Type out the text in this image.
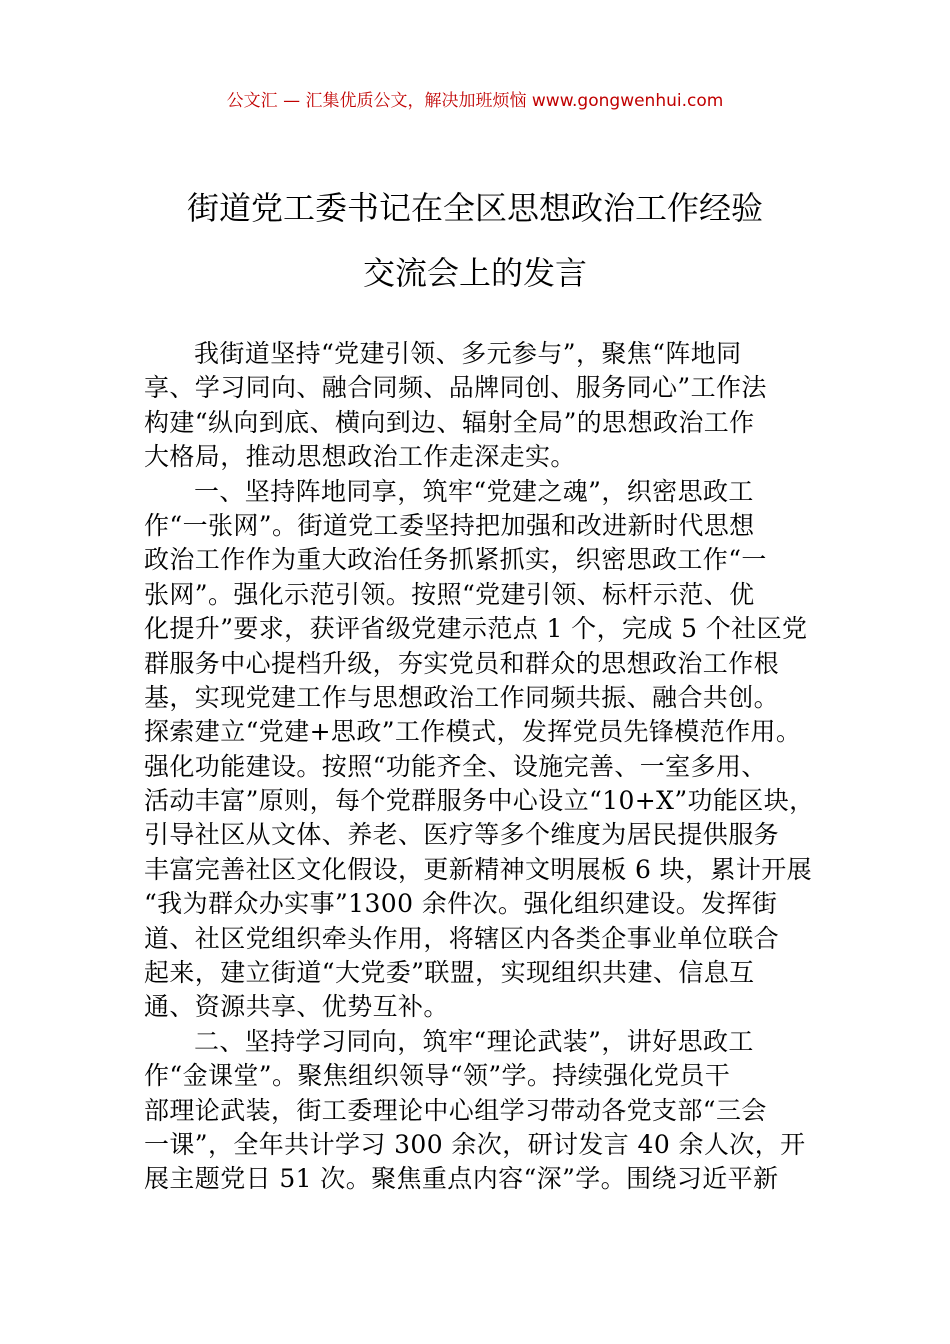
公文汇 — 汇集优质公文，解决加班烦恼 www.gongwenhui.com
街道党工委书记在全区思想政治工作经验
交流会上的发言
我街道坚持“党建引领、多元参与”，聚焦“阵地同
享、学习同向、融合同频、品牌同创、服务同心”工作法
构建“纵向到底、横向到边、辐射全局”的思想政治工作
大格局，推动思想政治工作走深走实。
一、坚持阵地同享，筑牢“党建之魂”，织密思政工
作“一张网”。街道党工委坚持把加强和改进新时代思想
政治工作作为重大政治任务抓紧抓实，织密思政工作“一
张网”。强化示范引领。按照“党建引领、标杆示范、优
化提升”要求，获评省级党建示范点 1 个，完成 5 个社区党
群服务中心提档升级，夯实党员和群众的思想政治工作根
基，实现党建工作与思想政治工作同频共振、融合共创。
探索建立“党建+思政”工作模式，发挥党员先锋模范作用。
强化功能建设。按照“功能齐全、设施完善、一室多用、
活动丰富”原则，每个党群服务中心设立“10+X”功能区块，
引导社区从文体、养老、医疗等多个维度为居民提供服务
丰富完善社区文化假设，更新精神文明展板 6 块，累计开展
“我为群众办实事”1300 余件次。强化组织建设。发挥街
道、社区党组织牵头作用，将辖区内各类企事业单位联合
起来，建立街道“大党委”联盟，实现组织共建、信息互
通、资源共享、优势互补。
二、坚持学习同向，筑牢“理论武装”，讲好思政工
作“金课堂”。聚焦组织领导“领”学。持续强化党员干
部理论武装，街工委理论中心组学习带动各党支部“三会
一课”，全年共计学习 300 余次，研讨发言 40 余人次，开
展主题党日 51 次。聚焦重点内容“深”学。围绕习近平新
